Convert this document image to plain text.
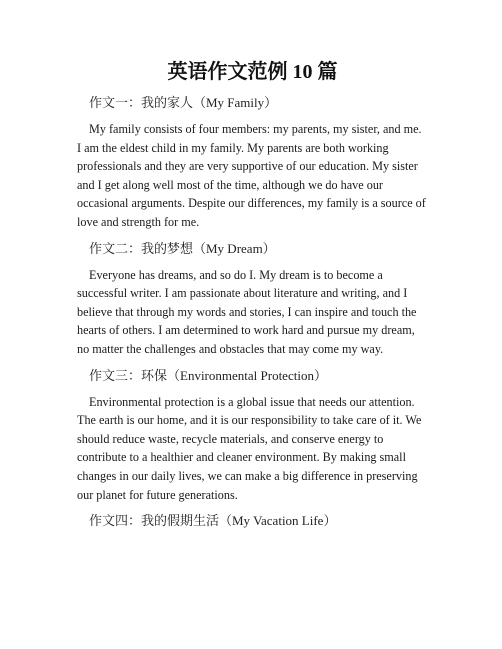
英语作文范例 10 篇
作文一：我的家人（My Family）

My family consists of four members: my parents, my sister, and me. I am the eldest child in my family. My parents are both working professionals and they are very supportive of our education. My sister and I get along well most of the time, although we do have our occasional arguments. Despite our differences, my family is a source of love and strength for me.

作文二：我的梦想（My Dream）

Everyone has dreams, and so do I. My dream is to become a successful writer. I am passionate about literature and writing, and I believe that through my words and stories, I can inspire and touch the hearts of others. I am determined to work hard and pursue my dream, no matter the challenges and obstacles that may come my way.

作文三：环保（Environmental Protection）

Environmental protection is a global issue that needs our attention. The earth is our home, and it is our responsibility to take care of it. We should reduce waste, recycle materials, and conserve energy to contribute to a healthier and cleaner environment. By making small changes in our daily lives, we can make a big difference in preserving our planet for future generations.

作文四：我的假期生活（My Vacation Life）
